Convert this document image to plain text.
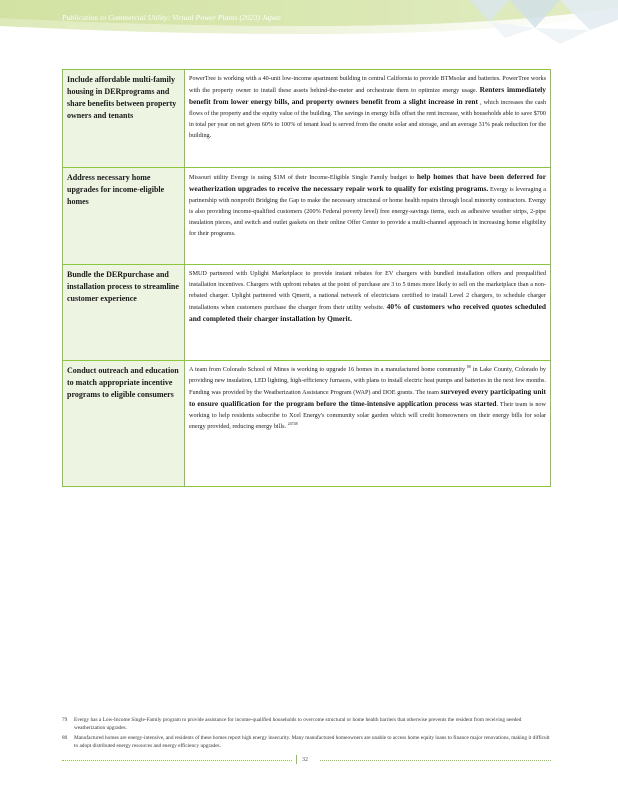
Publication to Commercial Utility: Virtual Power Plants (2023) Japan
Include affordable multi-family housing in DERprograms and share benefits between property owners and tenants	PowerTree is working with a 40-unit low-income apartment building in central California to provide BTMsolar and batteries. PowerTree works with the property owner to install these assets behind-the-meter and orchestrate them to optimize energy usage. Renters immediately benefit from lower energy bills, and property owners benefit from a slight increase in rent , which increases the cash flows of the property and the equity value of the building. The savings in energy bills offset the rent increase, with households able to save $700 in total per year on net given 60% to 100% of tenant load is served from the onsite solar and storage, and an average 31% peak reduction for the building.
Address necessary home upgrades for income-eligible homes	Missouri utility Evergy is using $1M of their Income-Eligible Single Family budget to help homes that have been deferred for weatherization upgrades to receive the necessary repair work to qualify for existing programs. Evergy is leveraging a partnership with nonprofit Bridging the Gap to make the necessary structural or home health repairs through local minority contractors. Evergy is also providing income-qualified customers (200% Federal poverty level) free energy-savings items, such as adhesive weather strips, 2-pipe insulation pieces, and switch and outlet gaskets on their online Offer Center to provide a multi-channel approach in increasing home eligibility for their programs.
Bundle the DERpurchase and installation process to streamline customer experience	SMUD partnered with Uplight Marketplace to provide instant rebates for EV chargers with bundled installation offers and prequalified installation incentives. Chargers with upfront rebates at the point of purchase are 3 to 5 times more likely to sell on the marketplace than a non-rebated charger. Uplight partnered with Qmerit, a national network of electricians certified to install Level 2 chargers, to schedule charger installations when customers purchase the charger from their utility website. 40% of customers who received quotes scheduled and completed their charger installation by Qmerit.
Conduct outreach and education to match appropriate incentive programs to eligible consumers	A team from Colorado School of Mines is working to upgrade 16 homes in a manufactured home community $^{80}$ in Lake County, Colorado by providing new insulation, LED lighting, high-efficiency furnaces, with plans to install electric heat pumps and batteries in the next few months. Funding was provided by the Weatherization Assistance Program (WAP) and DOE grants. The team surveyed every participating unit to ensure qualification for the program before the time-intensive application process was started. Their team is now working to help residents subscribe to Xcel Energy's community solar garden which will credit homeowners on their energy bills for solar energy provided, reducing energy bills. $^{24748}$
79	Evergy has a Low-Income Single-Family program to provide assistance for income-qualified households to overcome structural or home health barriers that otherwise prevents the resident from receiving needed weatherization upgrades.
80	Manufactured homes are energy-intensive, and residents of these homes report high energy insecurity. Many manufactured homeowners are unable to access home equity loans to finance major renovations, making it difficult to adopt distributed energy resources and energy efficiency upgrades.
32
